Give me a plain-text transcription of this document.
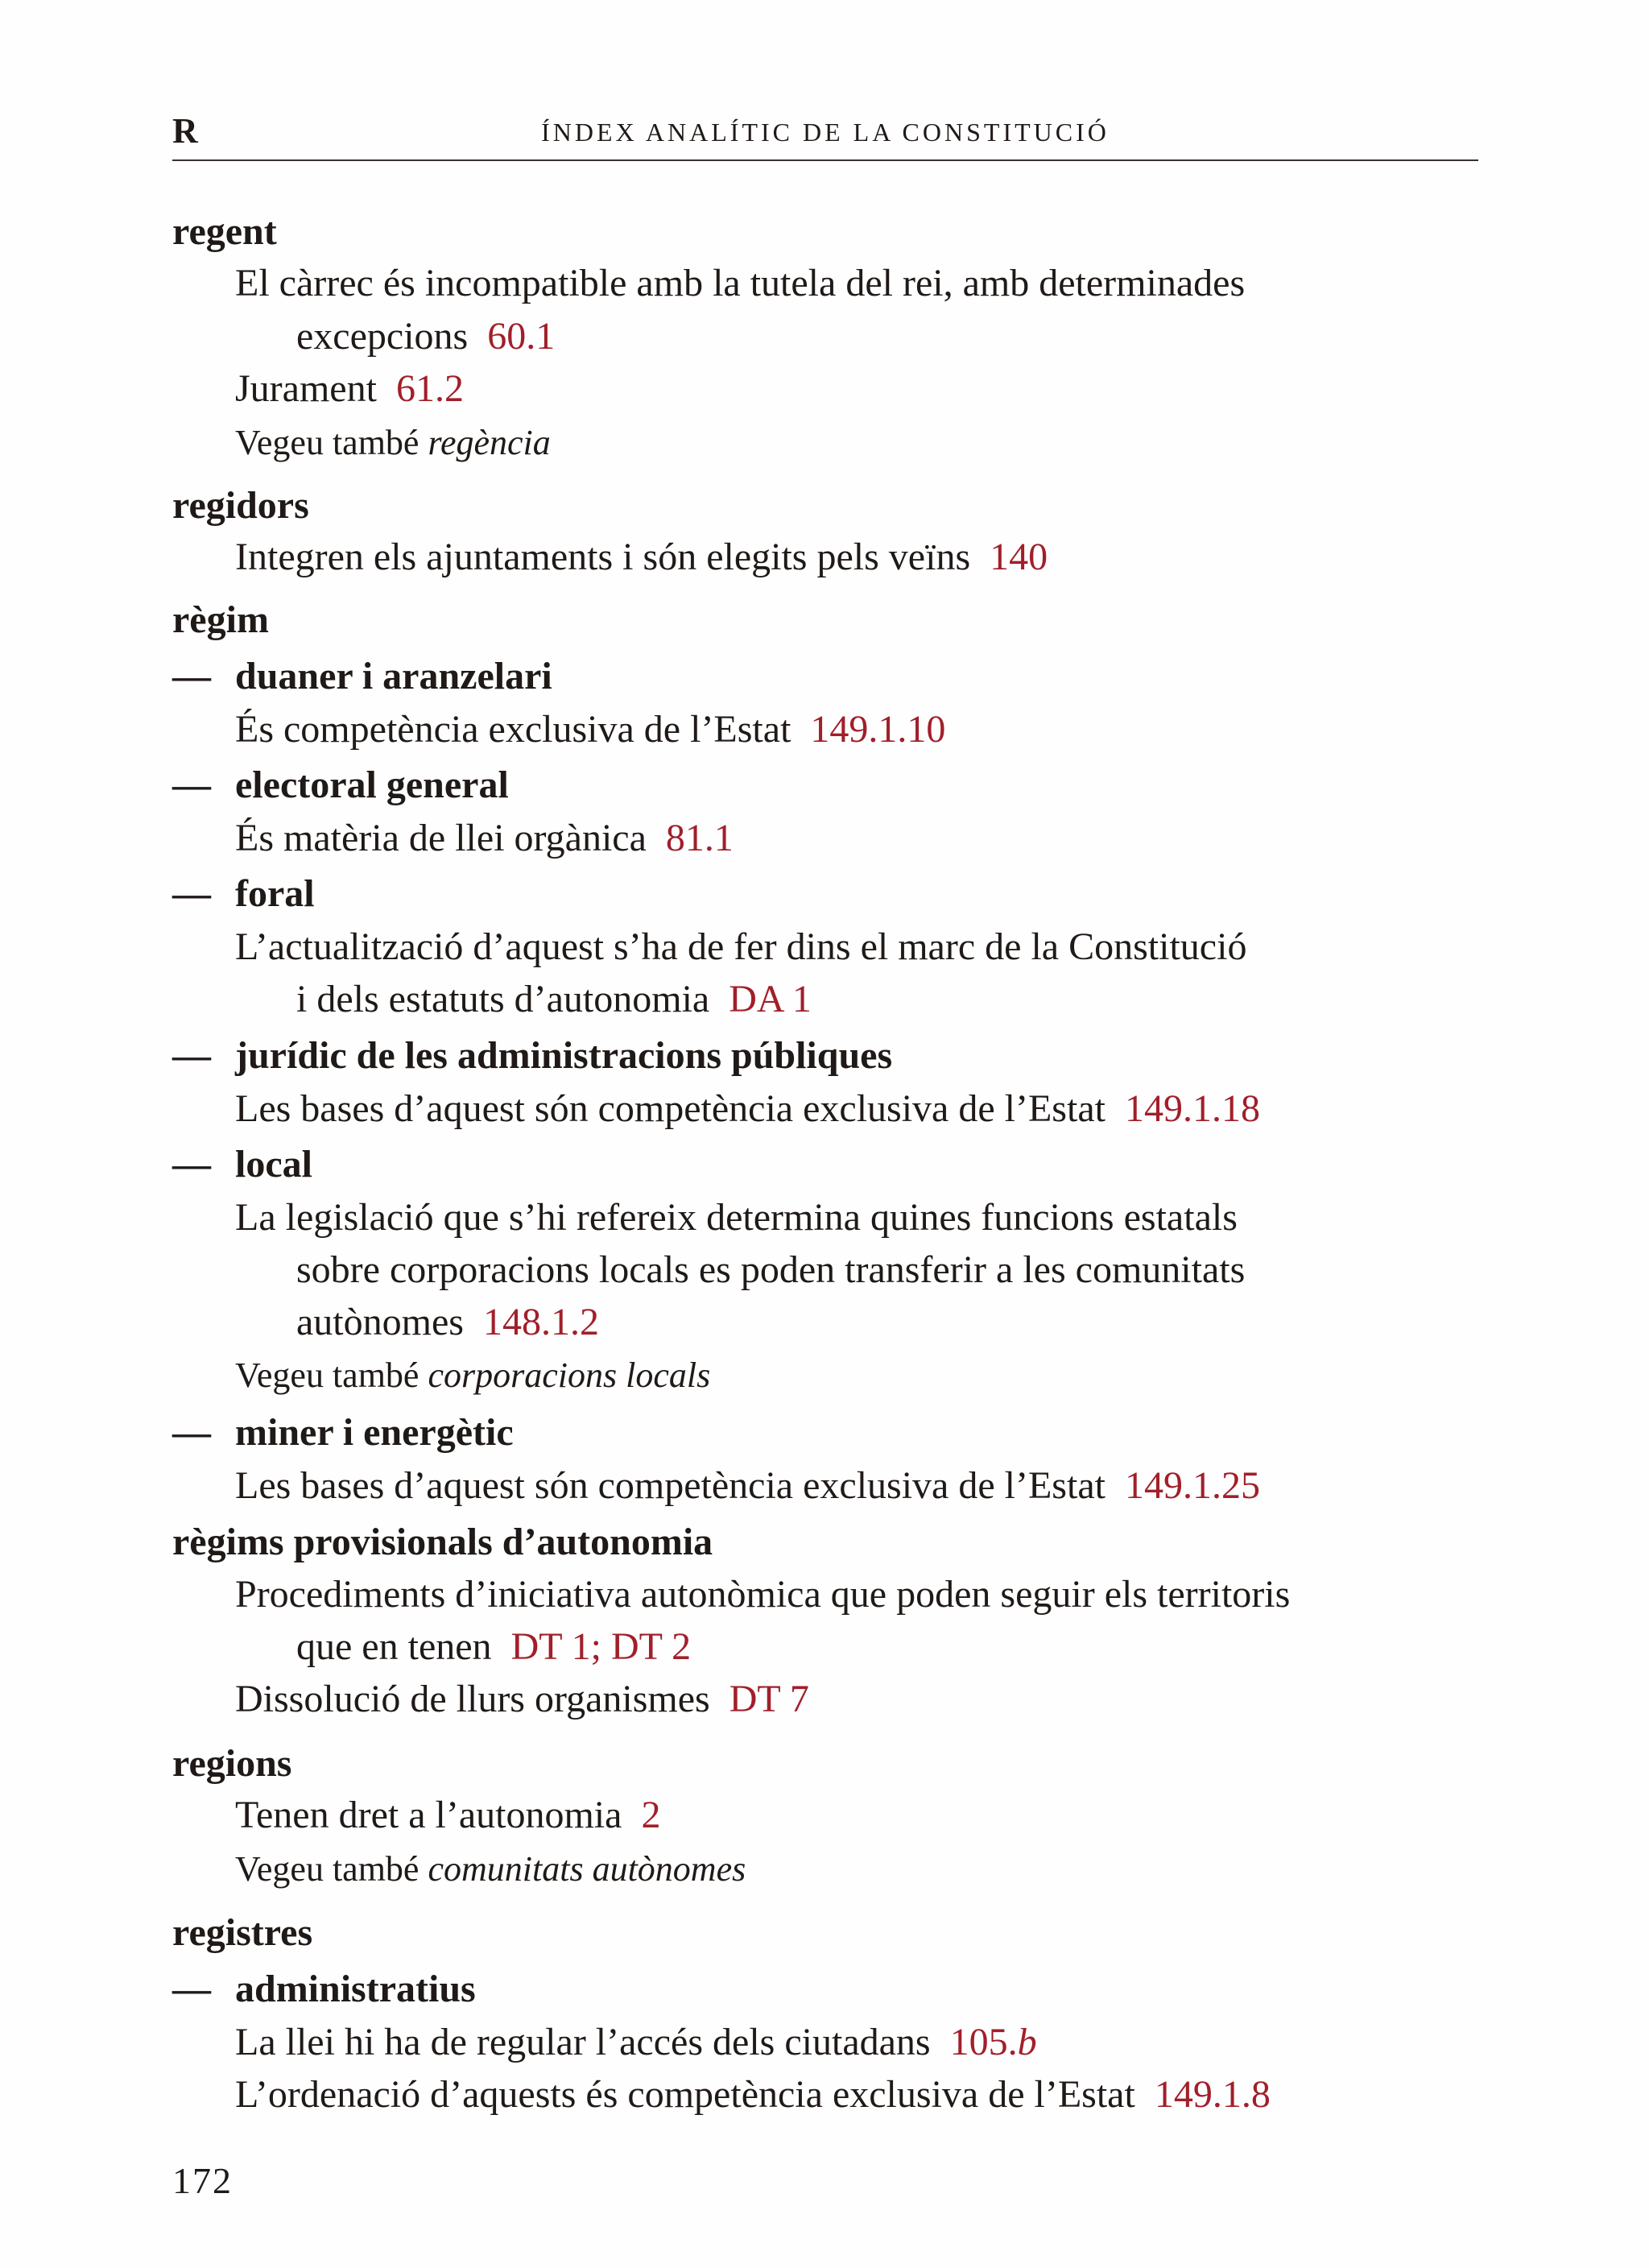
R	ÍNDEX ANALÍTIC DE LA CONSTITUCIÓ
regent
El càrrec és incompatible amb la tutela del rei, amb determinades
excepcions 60.1
Jurament 61.2
Vegeu també regència
regidors
Integren els ajuntaments i són elegits pels veïns 140
règim
— duaner i aranzelari
És competència exclusiva de l’Estat 149.1.10
— electoral general
És matèria de llei orgànica 81.1
— foral
L’actualització d’aquest s’ha de fer dins el marc de la Constitució
i dels estatuts d’autonomia DA 1
— jurídic de les administracions públiques
Les bases d’aquest són competència exclusiva de l’Estat 149.1.18
— local
La legislació que s’hi refereix determina quines funcions estatals
sobre corporacions locals es poden transferir a les comunitats
autònomes 148.1.2
Vegeu també corporacions locals
— miner i energètic
Les bases d’aquest són competència exclusiva de l’Estat 149.1.25
règims provisionals d’autonomia
Procediments d’iniciativa autonòmica que poden seguir els territoris
que en tenen DT 1; DT 2
Dissolució de llurs organismes DT 7
regions
Tenen dret a l’autonomia 2
Vegeu també comunitats autònomes
registres
— administratius
La llei hi ha de regular l’accés dels ciutadans 105.b
L’ordenació d’aquests és competència exclusiva de l’Estat 149.1.8
172
